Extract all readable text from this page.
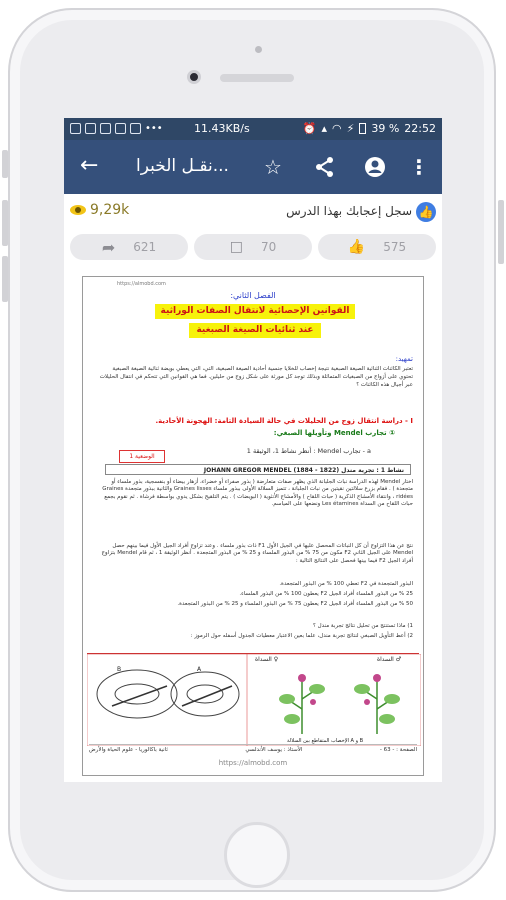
•••	11.43KB/s	⏰ ▴ ◠ ⚡ 39 % 22:52
← نقـل الخبرا...	☆	⋮
9,29k	سجل إعجابك بهذا الدرس 👍
➦ 621	□ 70	👍 575
https://almobd.com
الفصل الثاني:
القوانين الإحصائية لانتقال الصفات الوراثية
عند ثنائيات الصيغة الصبغية
تمهيد:
تعتبر الكائنات الثنائية الصيغة الصبغية نتيجة إخصاب للخلايا جنسية أحادية الصيغة الصبغية، التي، التي يعطي بويضة ثنائية الصيغة الصبغية تحتوي على أزواج من الصبغيات المتماثلة وبذلك توجد كل مورثة على شكل زوج من حليلين. فما هي القوانين التي تتحكم في انتقال الحليلات عبر أجيال هذه الكائنات ؟
I - دراسة انتقال زوج من الحليلات في حالة السيادة التامة: الهجونة الأحادية.
① تجارب Mendel وتأويلها الصبغي:
a - تجارب Mendel : أنظر نشاط 1، الوثيقة 1
الوضعية 1
نشاط 1 : تجربة مندل (1822 - 1884) JOHANN GREGOR MENDEL
اختار Mendel لهذه الدراسة نبات الجلبانة الذي يظهر صفات متعارضة ( بذور صفراء أو خضراء، أزهار بيضاء أو بنفسجية، بذور ملساء أو متجعدة ) . فقام بزرع سلالتين نقيتين من نبات الجلبانة ، تتميز السلالة الأولى ببذور ملساء Graines lisses والثانية ببذور متجعدة Graines ridées ، وانتقاء الأمشاج الذكرية ( حبات اللقاح ) والأمشاج الأنثوية ( البويضات ) . يتم التلقيح بشكل يدوي بواسطة فرشاة . ثم نقوم بجمع حبات اللقاح من السداة Les étamines ونضعها على المياسم.
نتج عن هذا التزاوج أن كل النباتات المحصل عليها في الجيل الأول F1 ذات بذور ملساء . وعند تزاوج أفراد الجيل الأول فيما بينهم حصل Mendel على الجيل الثاني F2 مكون من 75 % من البذور الملساء و 25 % من البذور المتجعدة . أنظر الوثيقة 1 ، ثم قام Mendel بتزاوج أفراد الجيل F2 فيما بينها فحصل على النتائج التالية :
البذور المتجعدة في F2 تعطي 100 % من البذور المتجعدة.
25 % من البذور الملساء أفراد الجيل F2 يعطون 100 % من البذور الملساء.
50 % من البذور الملساء أفراد الجيل F2 يعطون 75 % من البذور الملساء و 25 % من البذور المتجعدة.
1) ماذا تستنتج من تحليل نتائج تجربة مندل ؟
2) أعط التأويل الصبغي لنتائج تجربة مندل، علما بعين الاعتبار معطيات الجدول أسفله حول الرموز :
السداة ♀	السداة ♂
A
B
الإخصاب المتقاطع بين السلالة A و B
الصفحة : - 63 -
الأستاذ : يوسف الأندلسي
ثانية باكالوريا - علوم الحياة والأرض
https://almobd.com
